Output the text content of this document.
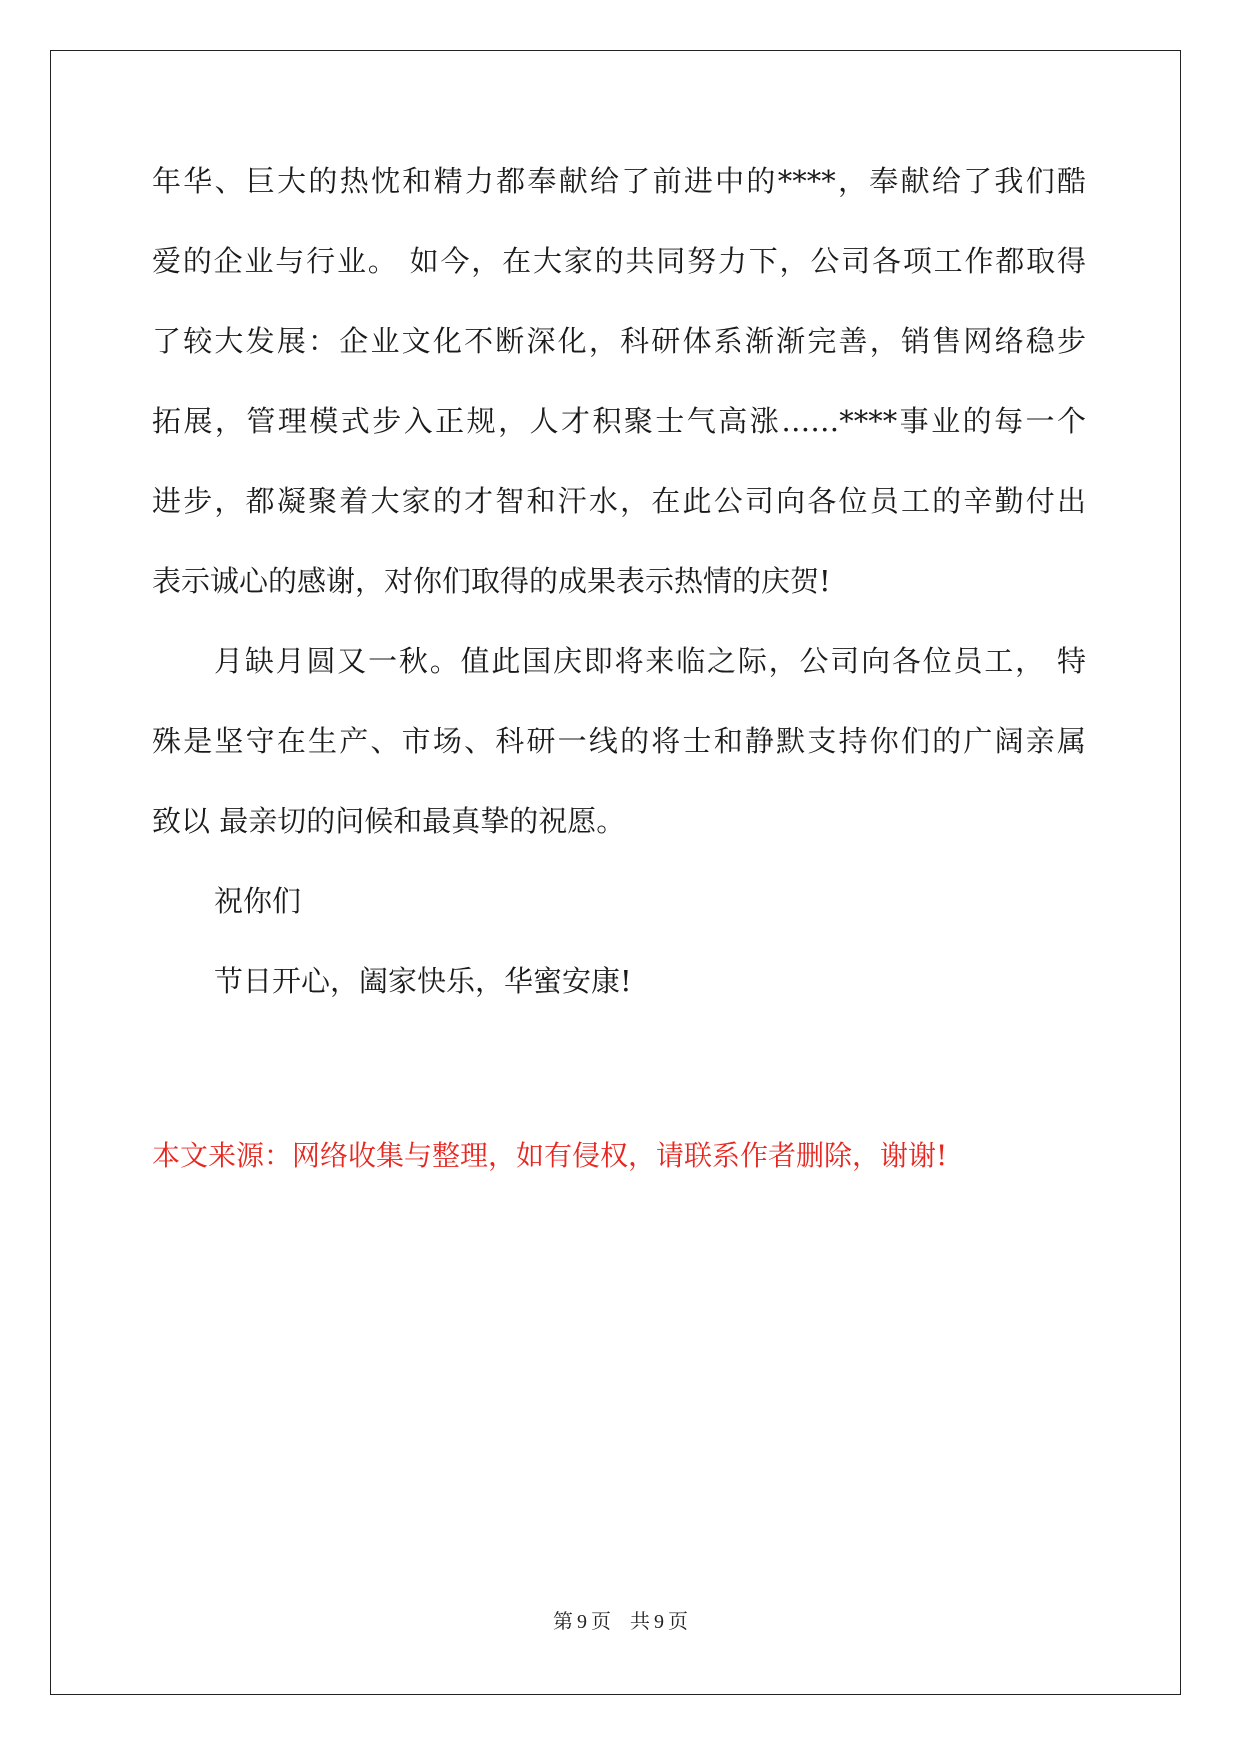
年华、巨大的热忱和精力都奉献给了前进中的****，奉献给了我们酷
爱的企业与行业。 如今，在大家的共同努力下，公司各项工作都取得
了较大发展：企业文化不断深化，科研体系渐渐完善，销售网络稳步
拓展，管理模式步入正规，人才积聚士气高涨……****事业的每一个
进步，都凝聚着大家的才智和汗水，在此公司向各位员工的辛勤付出
表示诚心的感谢，对你们取得的成果表示热情的庆贺!
月缺月圆又一秋。值此国庆即将来临之际，公司向各位员工， 特
殊是坚守在生产、市场、科研一线的将士和静默支持你们的广阔亲属
致以 最亲切的问候和最真挚的祝愿。
祝你们
节日开心，阖家快乐，华蜜安康!
本文来源：网络收集与整理，如有侵权，请联系作者删除，谢谢!
第 9 页 共 9 页
